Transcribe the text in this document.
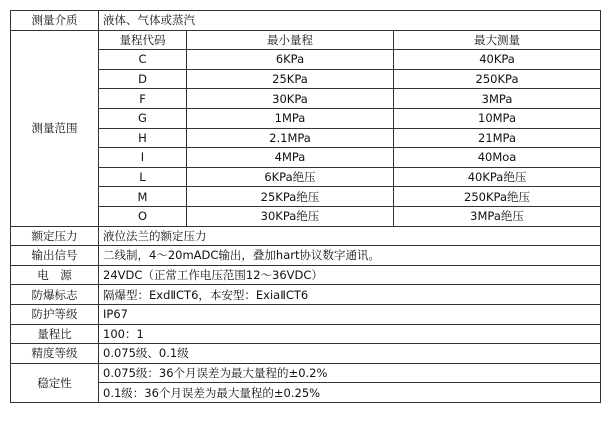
测量介质	液体、气体或蒸汽		
测量范围	量程代码	最小量程	最大测量
	C	6KPa	40KPa
	D	25KPa	250KPa
	F	30KPa	3MPa
	G	1MPa	10MPa
	H	2.1MPa	21MPa
	I	4MPa	40Moa
	L	6KPa绝压	40KPa绝压
	M	25KPa绝压	250KPa绝压
	O	30KPa绝压	3MPa绝压
额定压力	液位法兰的额定压力		
输出信号	二线制，4～20mADC输出，叠加hart协议数字通讯。		
电　源	24VDC（正常工作电压范围12～36VDC）		
防爆标志	隔爆型：ExdⅡCT6，本安型：ExiaⅡCT6		
防护等级	IP67		
量程比	100：1		
精度等级	0.075级、0.1级		
稳定性	0.075级：36个月误差为最大量程的±0.2%		
	0.1级：36个月误差为最大量程的±0.25%		
